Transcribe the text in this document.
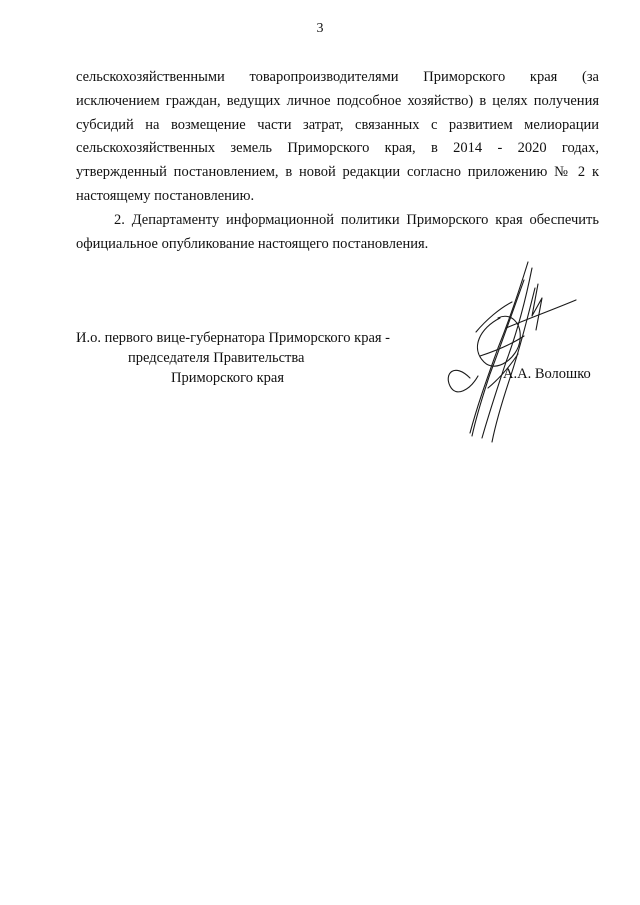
3

сельскохозяйственными товаропроизводителями Приморского края (за исключением граждан, ведущих личное подсобное хозяйство) в целях получения субсидий на возмещение части затрат, связанных с развитием мелиорации сельскохозяйственных земель Приморского края, в 2014 - 2020 годах, утвержденный постановлением, в новой редакции согласно приложению № 2 к настоящему постановлению.

2. Департаменту информационной политики Приморского края обеспечить официальное опубликование настоящего постановления.

И.о. первого вице-губернатора Приморского края -
председателя Правительства
Приморского края	А.А. Волошко
